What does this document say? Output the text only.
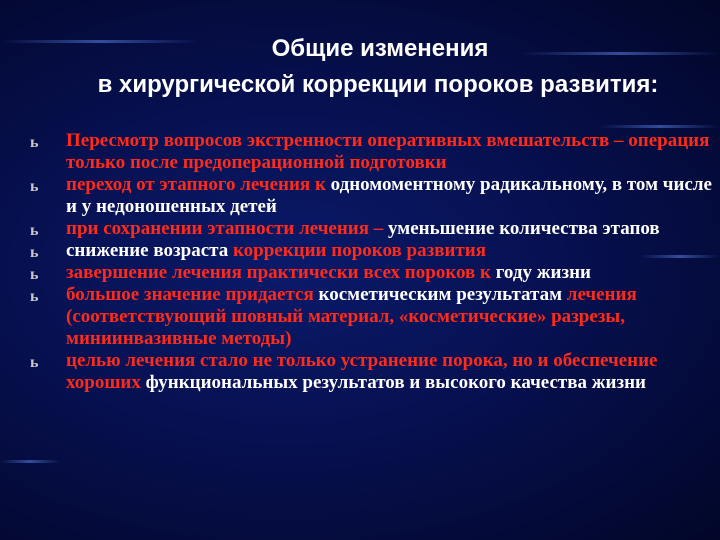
Общие изменения
в хирургической коррекции пороков развития:
ь Пересмотр вопросов экстренности оперативных вмешательств – операция только после предоперационной подготовки
ь переход от этапного лечения к одномоментному радикальному, в том числе и у недоношенных детей
ь при сохранении этапности лечения – уменьшение количества этапов
ь снижение возраста коррекции пороков развития
ь завершение лечения практически всех пороков к году жизни
ь большое значение придается косметическим результатам лечения (соответствующий шовный материал, «косметические» разрезы, миниинвазивные методы)
ь целью лечения стало не только устранение порока, но и обеспечение хороших функциональных результатов и высокого качества жизни
